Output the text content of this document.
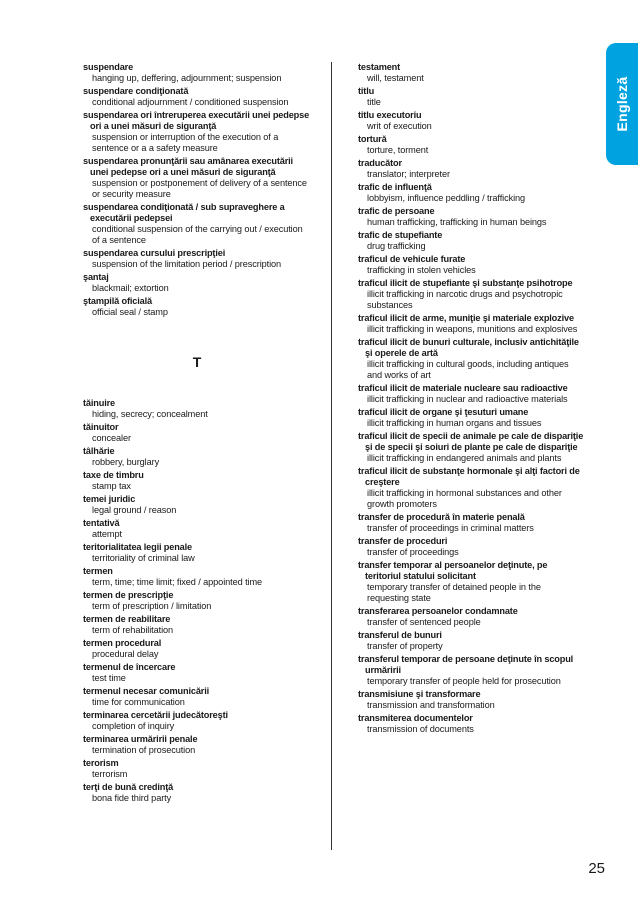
Engleză
suspendare
hanging up, deffering, adjournment; suspension
suspendare condiţionată
conditional adjournment / conditioned suspension
suspendarea ori întreruperea executării unei pedepse ori a unei măsuri de siguranţă
suspension or interruption of the execution of a sentence or a a safety measure
suspendarea pronunţării sau amânarea executării unei pedepse ori a unei măsuri de siguranţă
suspension or postponement of delivery of a sentence or security measure
suspendarea condiţionată / sub supraveghere a executării pedepsei
conditional suspension of the carrying out / execution of a sentence
suspendarea cursului prescripţiei
suspension of the limitation period / prescription
şantaj
blackmail; extortion
ştampilă oficială
official seal / stamp
T
tăinuire
hiding, secrecy; concealment
tăinuitor
concealer
tâlhărie
robbery, burglary
taxe de timbru
stamp tax
temei juridic
legal ground / reason
tentativă
attempt
teritorialitatea legii penale
territoriality of criminal law
termen
term, time; time limit; fixed / appointed time
termen de prescripţie
term of prescription / limitation
termen de reabilitare
term of rehabilitation
termen procedural
procedural delay
termenul de încercare
test time
termenul necesar comunicării
time for communication
terminarea cercetării judecătoreşti
completion of inquiry
terminarea urmăririi penale
termination of prosecution
terorism
terrorism
terţi de bună credinţă
bona fide third party
testament
will, testament
titlu
title
titlu executoriu
writ of execution
tortură
torture, torment
traducător
translator; interpreter
trafic de influenţă
lobbyism, influence peddling / trafficking
trafic de persoane
human trafficking, trafficking in human beings
trafic de stupefiante
drug trafficking
traficul de vehicule furate
trafficking in stolen vehicles
traficul ilicit de stupefiante şi substanţe psihotrope
illicit trafficking in narcotic drugs and psychotropic substances
traficul ilicit de arme, muniţie şi materiale explozive
illicit trafficking in weapons, munitions and explosives
traficul ilicit de bunuri culturale, inclusiv antichităţile şi operele de artă
illicit trafficking in cultural goods, including antiques and works of art
traficul ilicit de materiale nucleare sau radioactive
illicit trafficking in nuclear and radioactive materials
traficul ilicit de organe şi ţesuturi umane
illicit trafficking in human organs and tissues
traficul ilicit de specii de animale pe cale de dispariţie şi de specii şi soiuri de plante pe cale de dispariţie
illicit trafficking in endangered animals and plants
traficul ilicit de substanţe hormonale şi alţi factori de creştere
illicit trafficking in hormonal substances and other growth promoters
transfer de procedură în materie penală
transfer of proceedings in criminal matters
transfer de proceduri
transfer of proceedings
transfer temporar al persoanelor deţinute, pe teritoriul statului solicitant
temporary transfer of detained people in the requesting state
transferarea persoanelor condamnate
transfer of sentenced people
transferul de bunuri
transfer of property
transferul temporar de persoane deţinute în scopul urmăririi
temporary transfer of people held for prosecution
transmisiune şi transformare
transmission and transformation
transmiterea documentelor
transmission of documents
25
